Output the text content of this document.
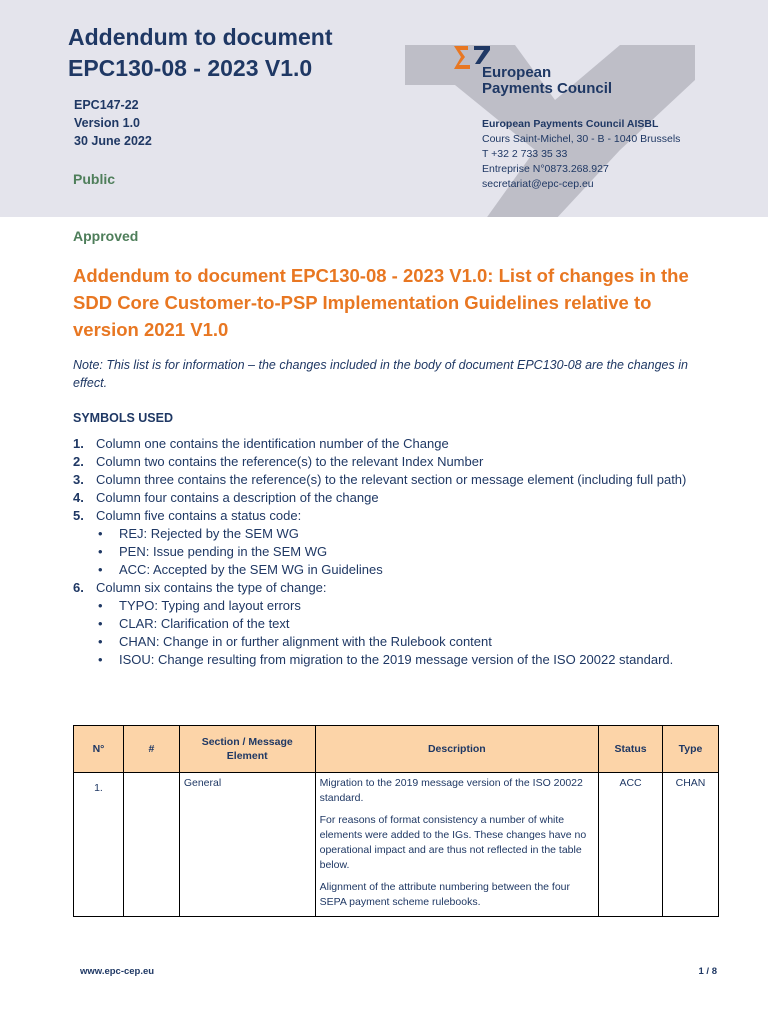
European
Payments Council
Addendum to document
EPC130-08 - 2023 V1.0
EPC147-22
Version 1.0
30 June 2022
Public
European Payments Council AISBL
Cours Saint-Michel, 30 - B - 1040 Brussels
T +32 2 733 35 33
Entreprise N°0873.268.927
secretariat@epc-cep.eu
Approved
Addendum to document EPC130-08 - 2023 V1.0: List of changes in the SDD Core Customer-to-PSP Implementation Guidelines relative to version 2021 V1.0
Note: This list is for information – the changes included in the body of document EPC130-08 are the changes in effect.
SYMBOLS USED
1. Column one contains the identification number of the Change
2. Column two contains the reference(s) to the relevant Index Number
3. Column three contains the reference(s) to the relevant section or message element (including full path)
4. Column four contains a description of the change
5. Column five contains a status code:
• REJ: Rejected by the SEM WG
• PEN: Issue pending in the SEM WG
• ACC: Accepted by the SEM WG in Guidelines
6. Column six contains the type of change:
• TYPO: Typing and layout errors
• CLAR: Clarification of the text
• CHAN: Change in or further alignment with the Rulebook content
• ISOU: Change resulting from migration to the 2019 message version of the ISO 20022 standard.
N°	#	Section / Message Element	Description	Status	Type
1.		General	Migration to the 2019 message version of the ISO 20022 standard.

For reasons of format consistency a number of white elements were added to the IGs. These changes have no operational impact and are thus not reflected in the table below.

Alignment of the attribute numbering between the four SEPA payment scheme rulebooks.	ACC	CHAN
www.epc-cep.eu	1 / 8
